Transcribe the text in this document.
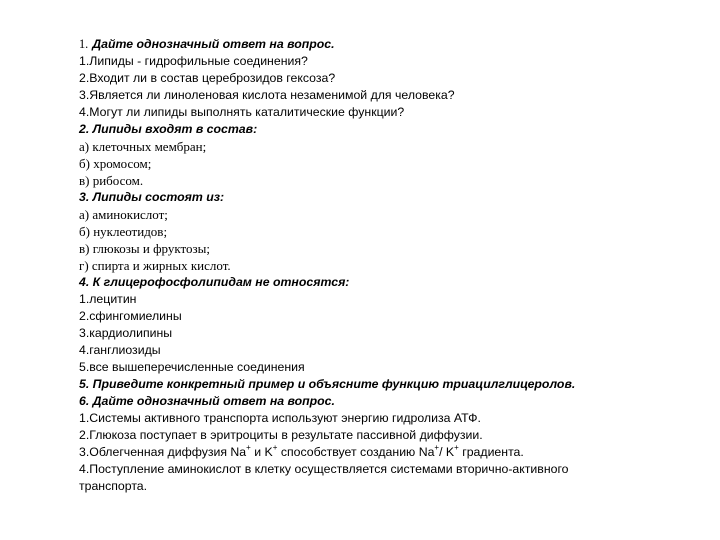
1. Дайте однозначный ответ на вопрос.
1.Липиды - гидрофильные соединения?
2.Входит ли в состав цереброзидов гексоза?
3.Является ли линоленовая кислота незаменимой для человека?
4.Могут ли липиды выполнять каталитические функции?
2. Липиды входят в состав:
а) клеточных мембран;
б) хромосом;
в) рибосом.
3. Липиды состоят из:
а) аминокислот;
б) нуклеотидов;
в) глюкозы и фруктозы;
г) спирта и жирных кислот.
4. К глицерофосфолипидам не относятся:
1.лецитин
2.сфингомиелины
3.кардиолипины
4.ганглиозиды
5.все вышеперечисленные соединения
5. Приведите конкретный пример и объясните функцию триацилглицеролов.
6. Дайте однозначный ответ на вопрос.
1.Системы активного транспорта используют энергию гидролиза АТФ.
2.Глюкоза поступает в эритроциты в результате пассивной диффузии.
3.Облегченная диффузия Na+ и K+ способствует созданию Na+/ K+ градиента.
4.Поступление аминокислот в клетку осуществляется системами вторично-активного
транспорта.
